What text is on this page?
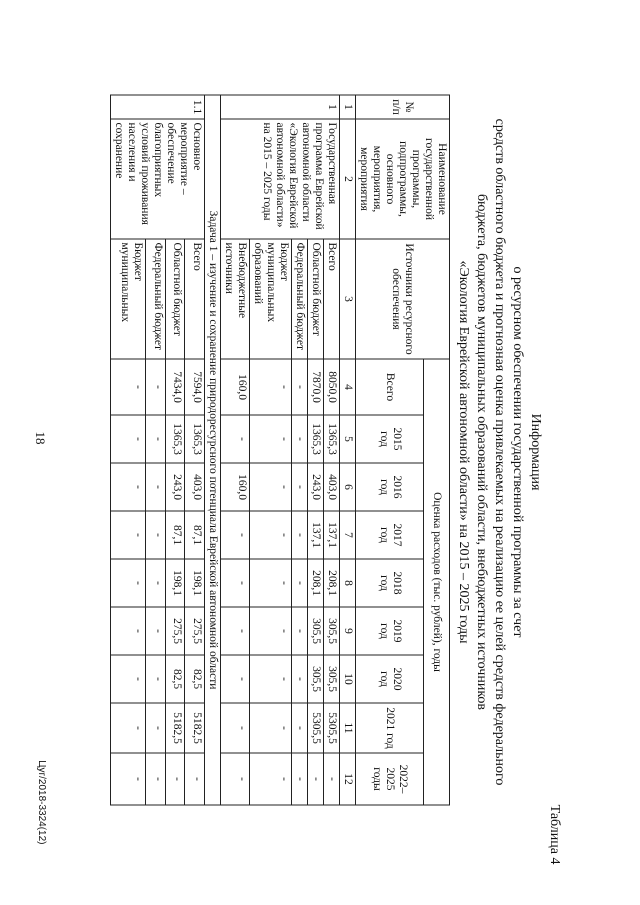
18
Таблица 4
Информация
о ресурсном обеспечении государственной программы за счет
средств областного бюджета и прогнозная оценка привлекаемых на реализацию ее целей средств федерального
бюджета, бюджетов муниципальных образований области, внебюджетных источников
«Экология Еврейской автономной области» на 2015 – 2025 годы
№ п/п	Наименование государственной программы, подпрограммы, основного мероприятия, мероприятия	Источники ресурсного обеспечения	Оценка расходов (тыс. рублей), годы								
			Всего	2015 год	2016 год	2017 год	2018 год	2019 год	2020 год	2021 год	2022–2025 годы
1	2	3	4	5	6	7	8	9	10	11	12
1	Государственная программа Еврейской автономной области «Экология Еврейской автономной области» на 2015 – 2025 годы	Всего	8050,0	1365,3	403,0	137,1	208,1	305,5	305,5	5305,5	-
		Областной бюджет	7870,0	1365,3	243,0	137,1	208,1	305,5	305,5	5305,5	-
		Федеральный бюджет	-	-	-	-	-	-	-	-	-
		Бюджет муниципальных образований	-	-	-	-	-	-	-	-	-
		Внебюджетные источники	160,0	-	160,0	-	-	-	-	-	-
Задача 1 – изучение и сохранение природоресурсного потенциала Еврейской автономной области											
1.1	Основное мероприятие – обеспечение благоприятных условий проживания населения и сохранение	Всего	7594,0	1365,3	403,0	87,1	198,1	275,5	82,5	5182,5	-
		Областной бюджет	7434,0	1365,3	243,0	87,1	198,1	275,5	82,5	5182,5	-
		Федеральный бюджет	-	-	-	-	-	-	-	-	-
		Бюджет муниципальных	-	-	-	-	-	-	-	-	-
Цуг/2018-3324(12)
